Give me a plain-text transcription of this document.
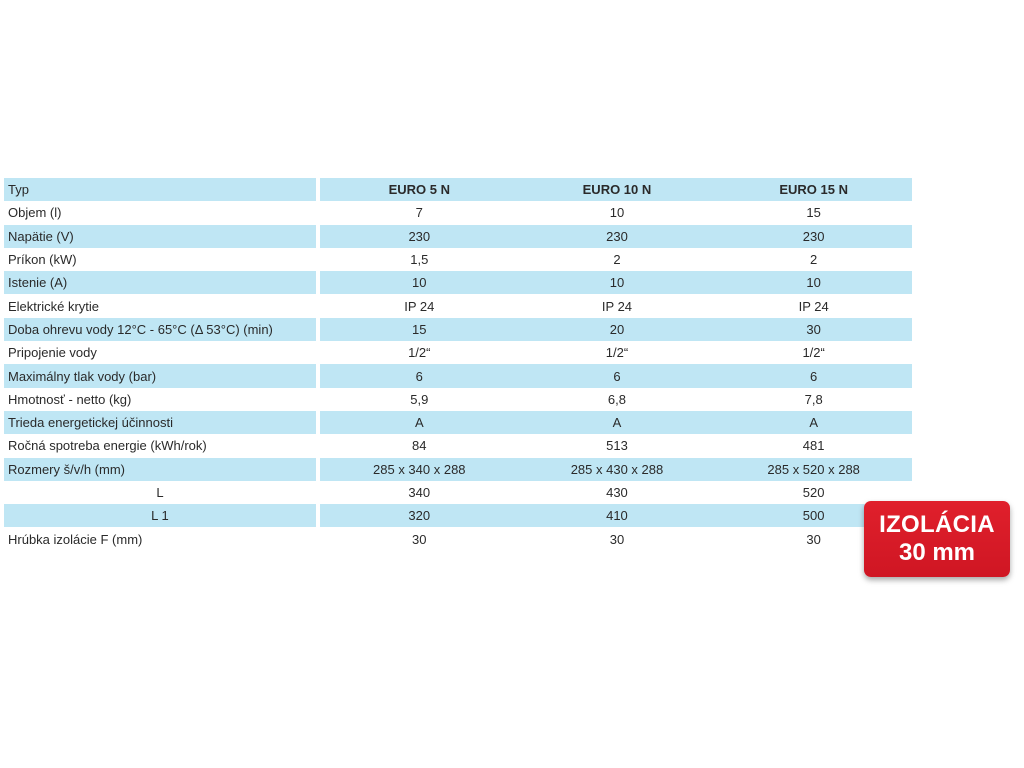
Typ	EURO 5 N	EURO 10 N	EURO 15 N
Objem (l)	7	10	15
Napätie (V)	230	230	230
Príkon (kW)	1,5	2	2
Istenie (A)	10	10	10
Elektrické krytie	IP 24	IP 24	IP 24
Doba ohrevu vody 12°C - 65°C (Δ 53°C) (min)	15	20	30
Pripojenie vody	1/2“	1/2“	1/2“
Maximálny tlak vody (bar)	6	6	6
Hmotnosť - netto (kg)	5,9	6,8	7,8
Trieda energetickej účinnosti	A	A	A
Ročná spotreba energie (kWh/rok)	84	513	481
Rozmery š/v/h (mm)	285 x 340 x 288	285 x 430 x 288	285 x 520 x 288
L	340	430	520
L 1	320	410	500
Hrúbka izolácie F (mm)	30	30	30
IZOLÁCIA
30 mm
